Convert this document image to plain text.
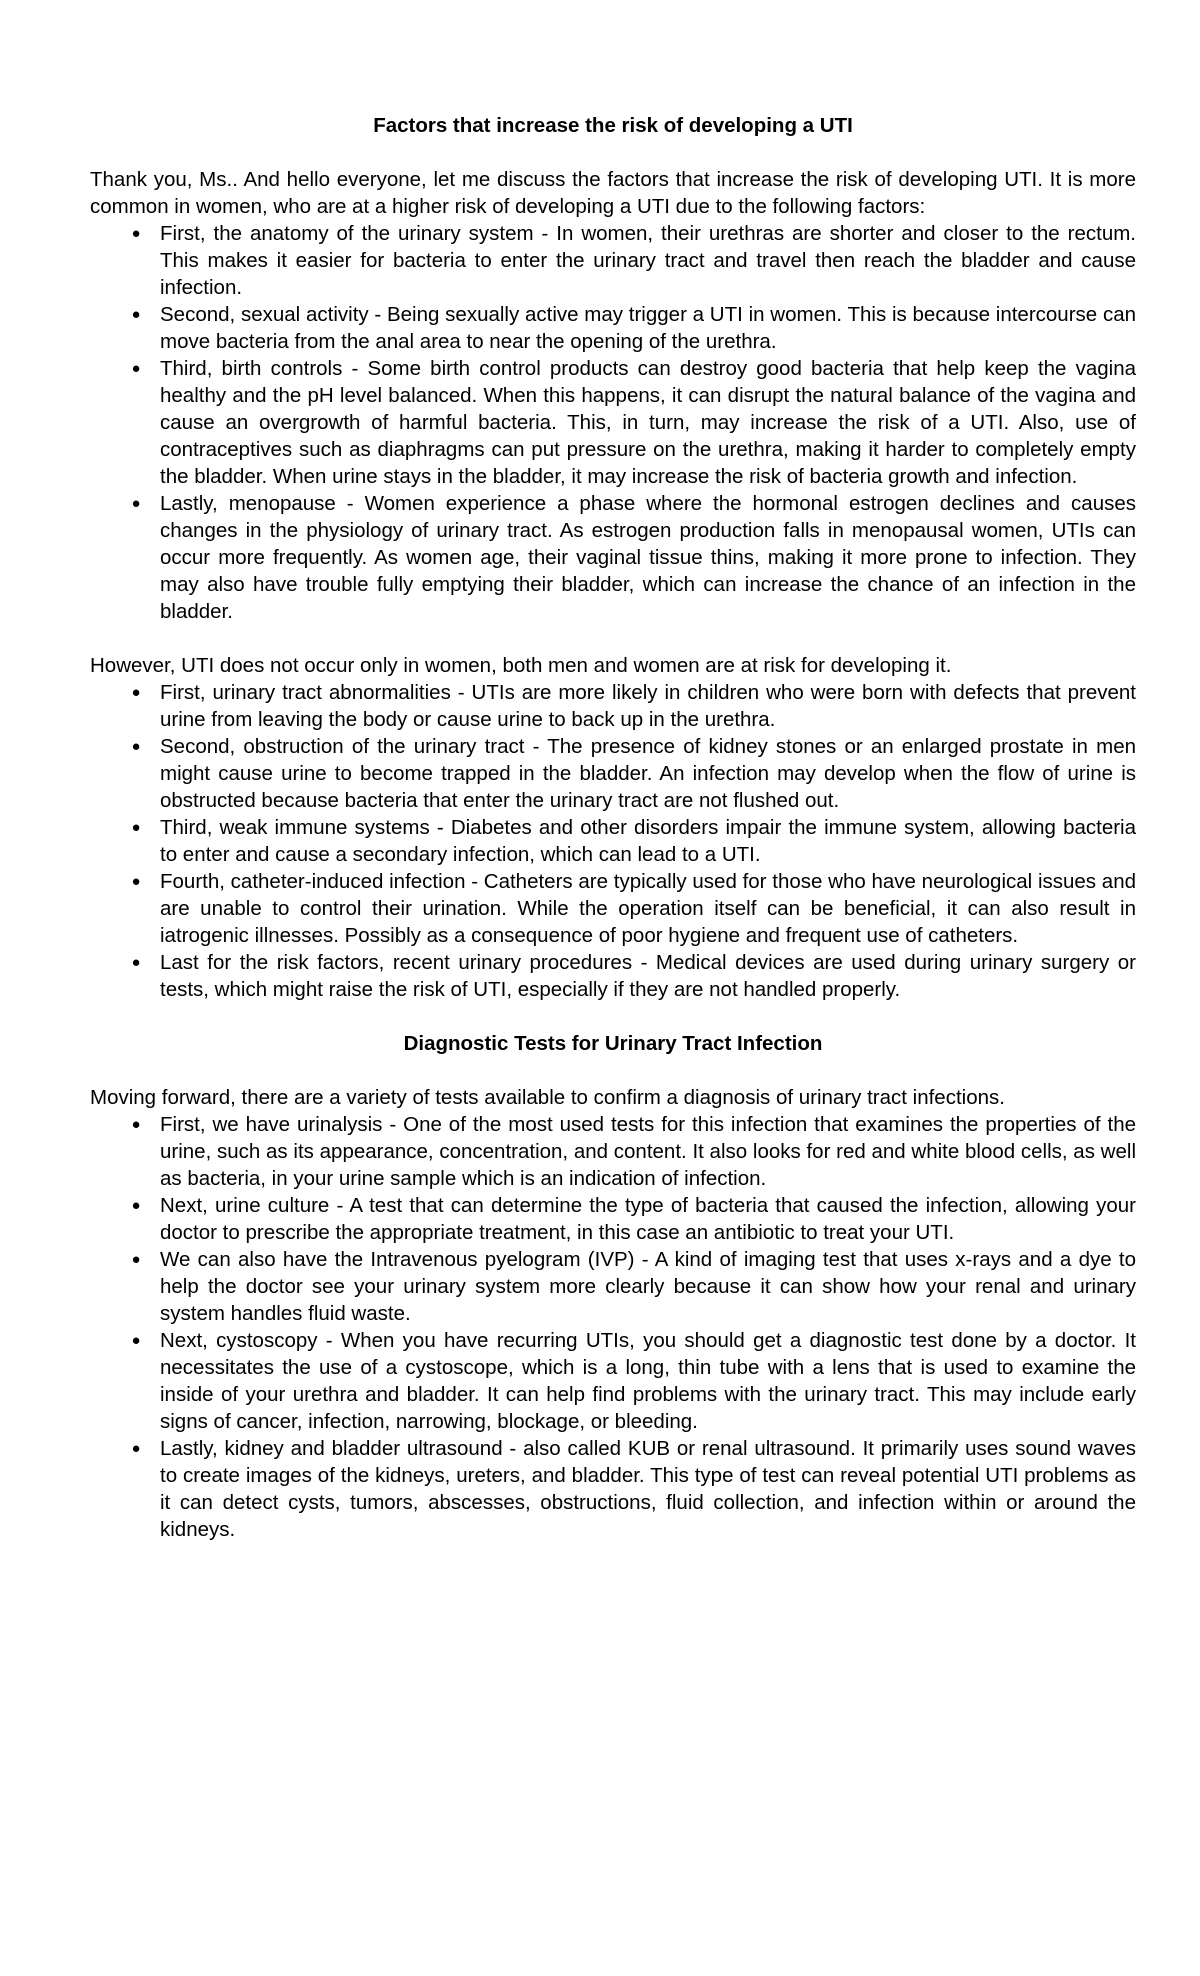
Factors that increase the risk of developing a UTI

Thank you, Ms.. And hello everyone, let me discuss the factors that increase the risk of developing UTI. It is more common in women, who are at a higher risk of developing a UTI due to the following factors:

●
First, the anatomy of the urinary system - In women, their urethras are shorter and closer to the rectum. This makes it easier for bacteria to enter the urinary tract and travel then reach the bladder and cause infection.
●
Second, sexual activity - Being sexually active may trigger a UTI in women. This is because intercourse can move bacteria from the anal area to near the opening of the urethra.
●
Third, birth controls - Some birth control products can destroy good bacteria that help keep the vagina healthy and the pH level balanced. When this happens, it can disrupt the natural balance of the vagina and cause an overgrowth of harmful bacteria. This, in turn, may increase the risk of a UTI. Also, use of contraceptives such as diaphragms can put pressure on the urethra, making it harder to completely empty the bladder. When urine stays in the bladder, it may increase the risk of bacteria growth and infection.
●
Lastly, menopause - Women experience a phase where the hormonal estrogen declines and causes changes in the physiology of urinary tract. As estrogen production falls in menopausal women, UTIs can occur more frequently. As women age, their vaginal tissue thins, making it more prone to infection. They may also have trouble fully emptying their bladder, which can increase the chance of an infection in the bladder.

However, UTI does not occur only in women, both men and women are at risk for developing it.

●
First, urinary tract abnormalities - UTIs are more likely in children who were born with defects that prevent urine from leaving the body or cause urine to back up in the urethra.
●
Second, obstruction of the urinary tract - The presence of kidney stones or an enlarged prostate in men might cause urine to become trapped in the bladder. An infection may develop when the flow of urine is obstructed because bacteria that enter the urinary tract are not flushed out.
●
Third, weak immune systems - Diabetes and other disorders impair the immune system, allowing bacteria to enter and cause a secondary infection, which can lead to a UTI.
●
Fourth, catheter-induced infection - Catheters are typically used for those who have neurological issues and are unable to control their urination. While the operation itself can be beneficial, it can also result in iatrogenic illnesses. Possibly as a consequence of poor hygiene and frequent use of catheters.
●
Last for the risk factors, recent urinary procedures - Medical devices are used during urinary surgery or tests, which might raise the risk of UTI, especially if they are not handled properly.
Diagnostic Tests for Urinary Tract Infection

Moving forward, there are a variety of tests available to confirm a diagnosis of urinary tract infections.

●
First, we have urinalysis - One of the most used tests for this infection that examines the properties of the urine, such as its appearance, concentration, and content. It also looks for red and white blood cells, as well as bacteria, in your urine sample which is an indication of infection.
●
Next, urine culture - A test that can determine the type of bacteria that caused the infection, allowing your doctor to prescribe the appropriate treatment, in this case an antibiotic to treat your UTI.
●
We can also have the Intravenous pyelogram (IVP) - A kind of imaging test that uses x-rays and a dye to help the doctor see your urinary system more clearly because it can show how your renal and urinary system handles fluid waste.
●
Next, cystoscopy - When you have recurring UTIs, you should get a diagnostic test done by a doctor. It necessitates the use of a cystoscope, which is a long, thin tube with a lens that is used to examine the inside of your urethra and bladder. It can help find problems with the urinary tract. This may include early signs of cancer, infection, narrowing, blockage, or bleeding.
●
Lastly, kidney and bladder ultrasound - also called KUB or renal ultrasound. It primarily uses sound waves to create images of the kidneys, ureters, and bladder. This type of test can reveal potential UTI problems as it can detect cysts, tumors, abscesses, obstructions, fluid collection, and infection within or around the kidneys.
